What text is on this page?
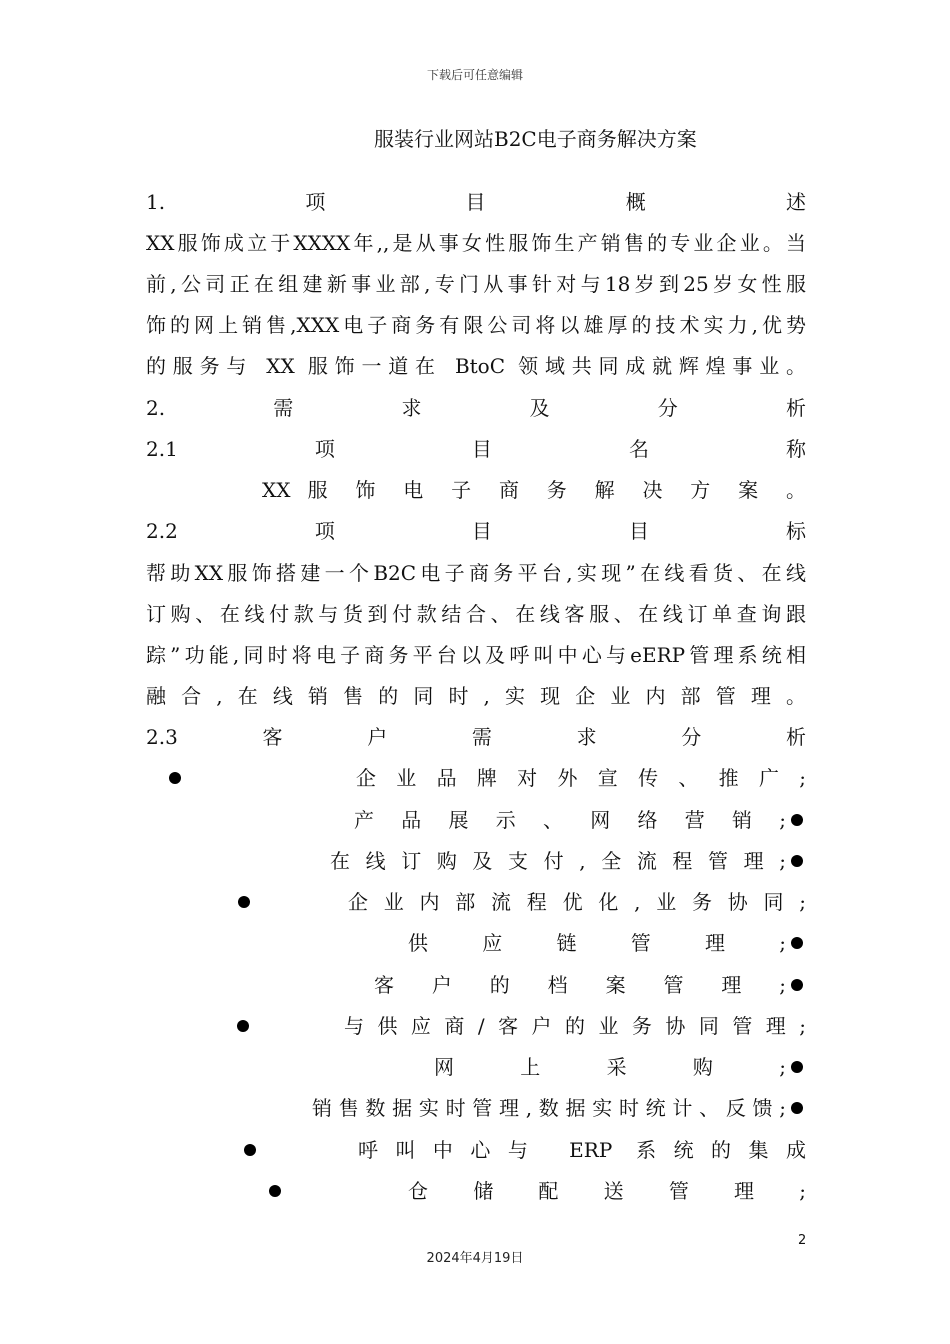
下载后可任意编辑
服装行业网站B2C电子商务解决方案
1.	项	目	概	述
XX服饰成立于XXXX年,,是从事女性服饰生产销售的专业企业。当
前,公司正在组建新事业部,专门从事针对与18岁到25岁女性服
饰的网上销售,XXX电子商务有限公司将以雄厚的技术实力,优势
的服务与 XX 服饰一道在 BtoC 领域共同成就辉煌事业。
2.	需	求	及	分	析
2.1	项	目	名	称
XX 服 饰 电 子 商 务 解 决 方 案 。
2.2	项	目	目	标
帮助XX服饰搭建一个B2C电子商务平台,实现”在线看货、在线
订购、在线付款与货到付款结合、在线客服、在线订单查询跟
踪”功能,同时将电子商务平台以及呼叫中心与eERP管理系统相
融合,在线销售的同时,实现企业内部管理。
2.3	客	户	需	求	分	析
企业品牌对外宣传、推广;
产品展示、网络营销;
在线订购及支付,全流程管理;
企业内部流程优化,业务协同;
供应链管理;
客户的档案管理;
与供应商/客户的业务协同管理;
网上采购;
销售数据实时管理,数据实时统计、反馈;
呼叫中心与 ERP 系统的集成
仓储配送管理;
2
2024年4月19日
